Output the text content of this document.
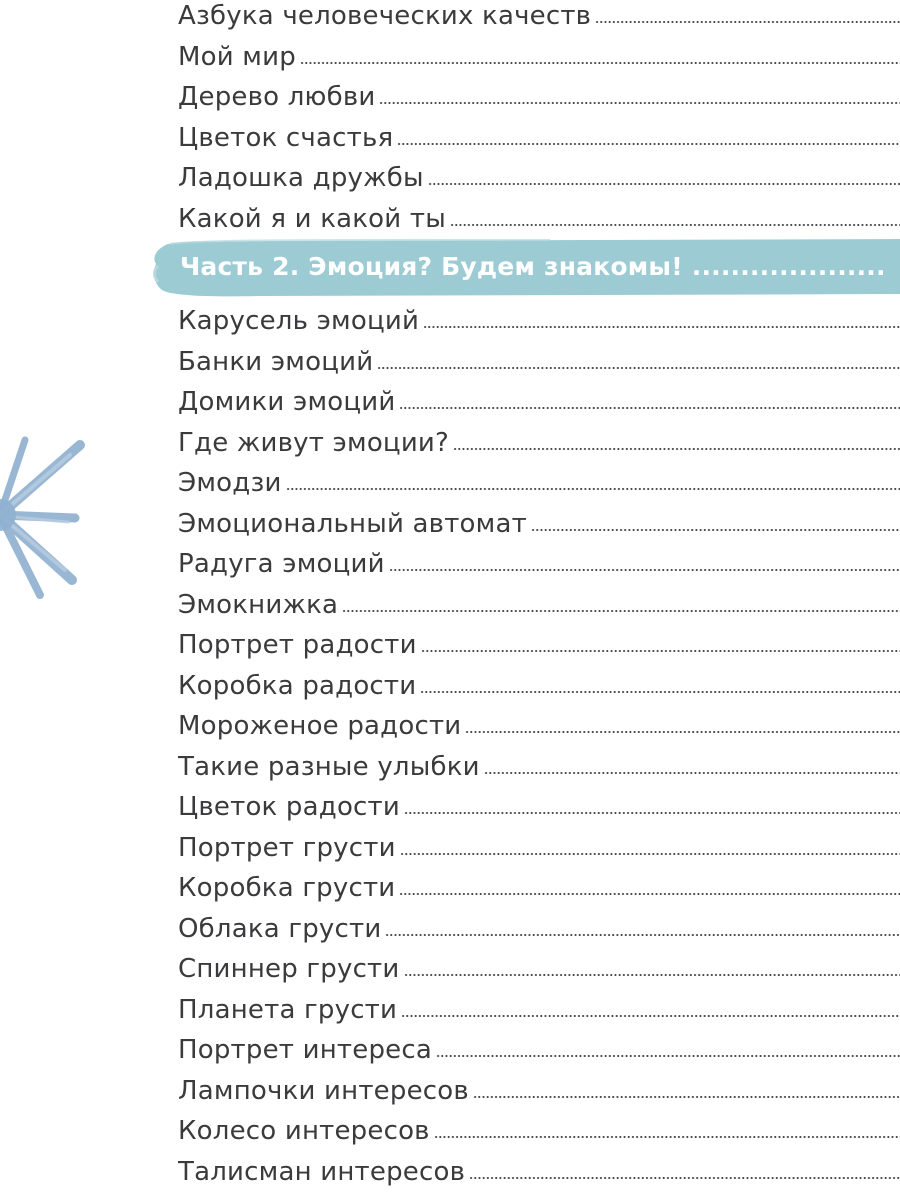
Азбука человеческих качеств
Мой мир
Дерево любви
Цветок счастья
Ладошка дружбы
Какой я и какой ты
Часть 2. Эмоция? Будем знакомы! ....................
Карусель эмоций
Банки эмоций
Домики эмоций
Где живут эмоции?
Эмодзи
Эмоциональный автомат
Радуга эмоций
Эмокнижка
Портрет радости
Коробка радости
Мороженое радости
Такие разные улыбки
Цветок радости
Портрет грусти
Коробка грусти
Облака грусти
Спиннер грусти
Планета грусти
Портрет интереса
Лампочки интересов
Колесо интересов
Талисман интересов
